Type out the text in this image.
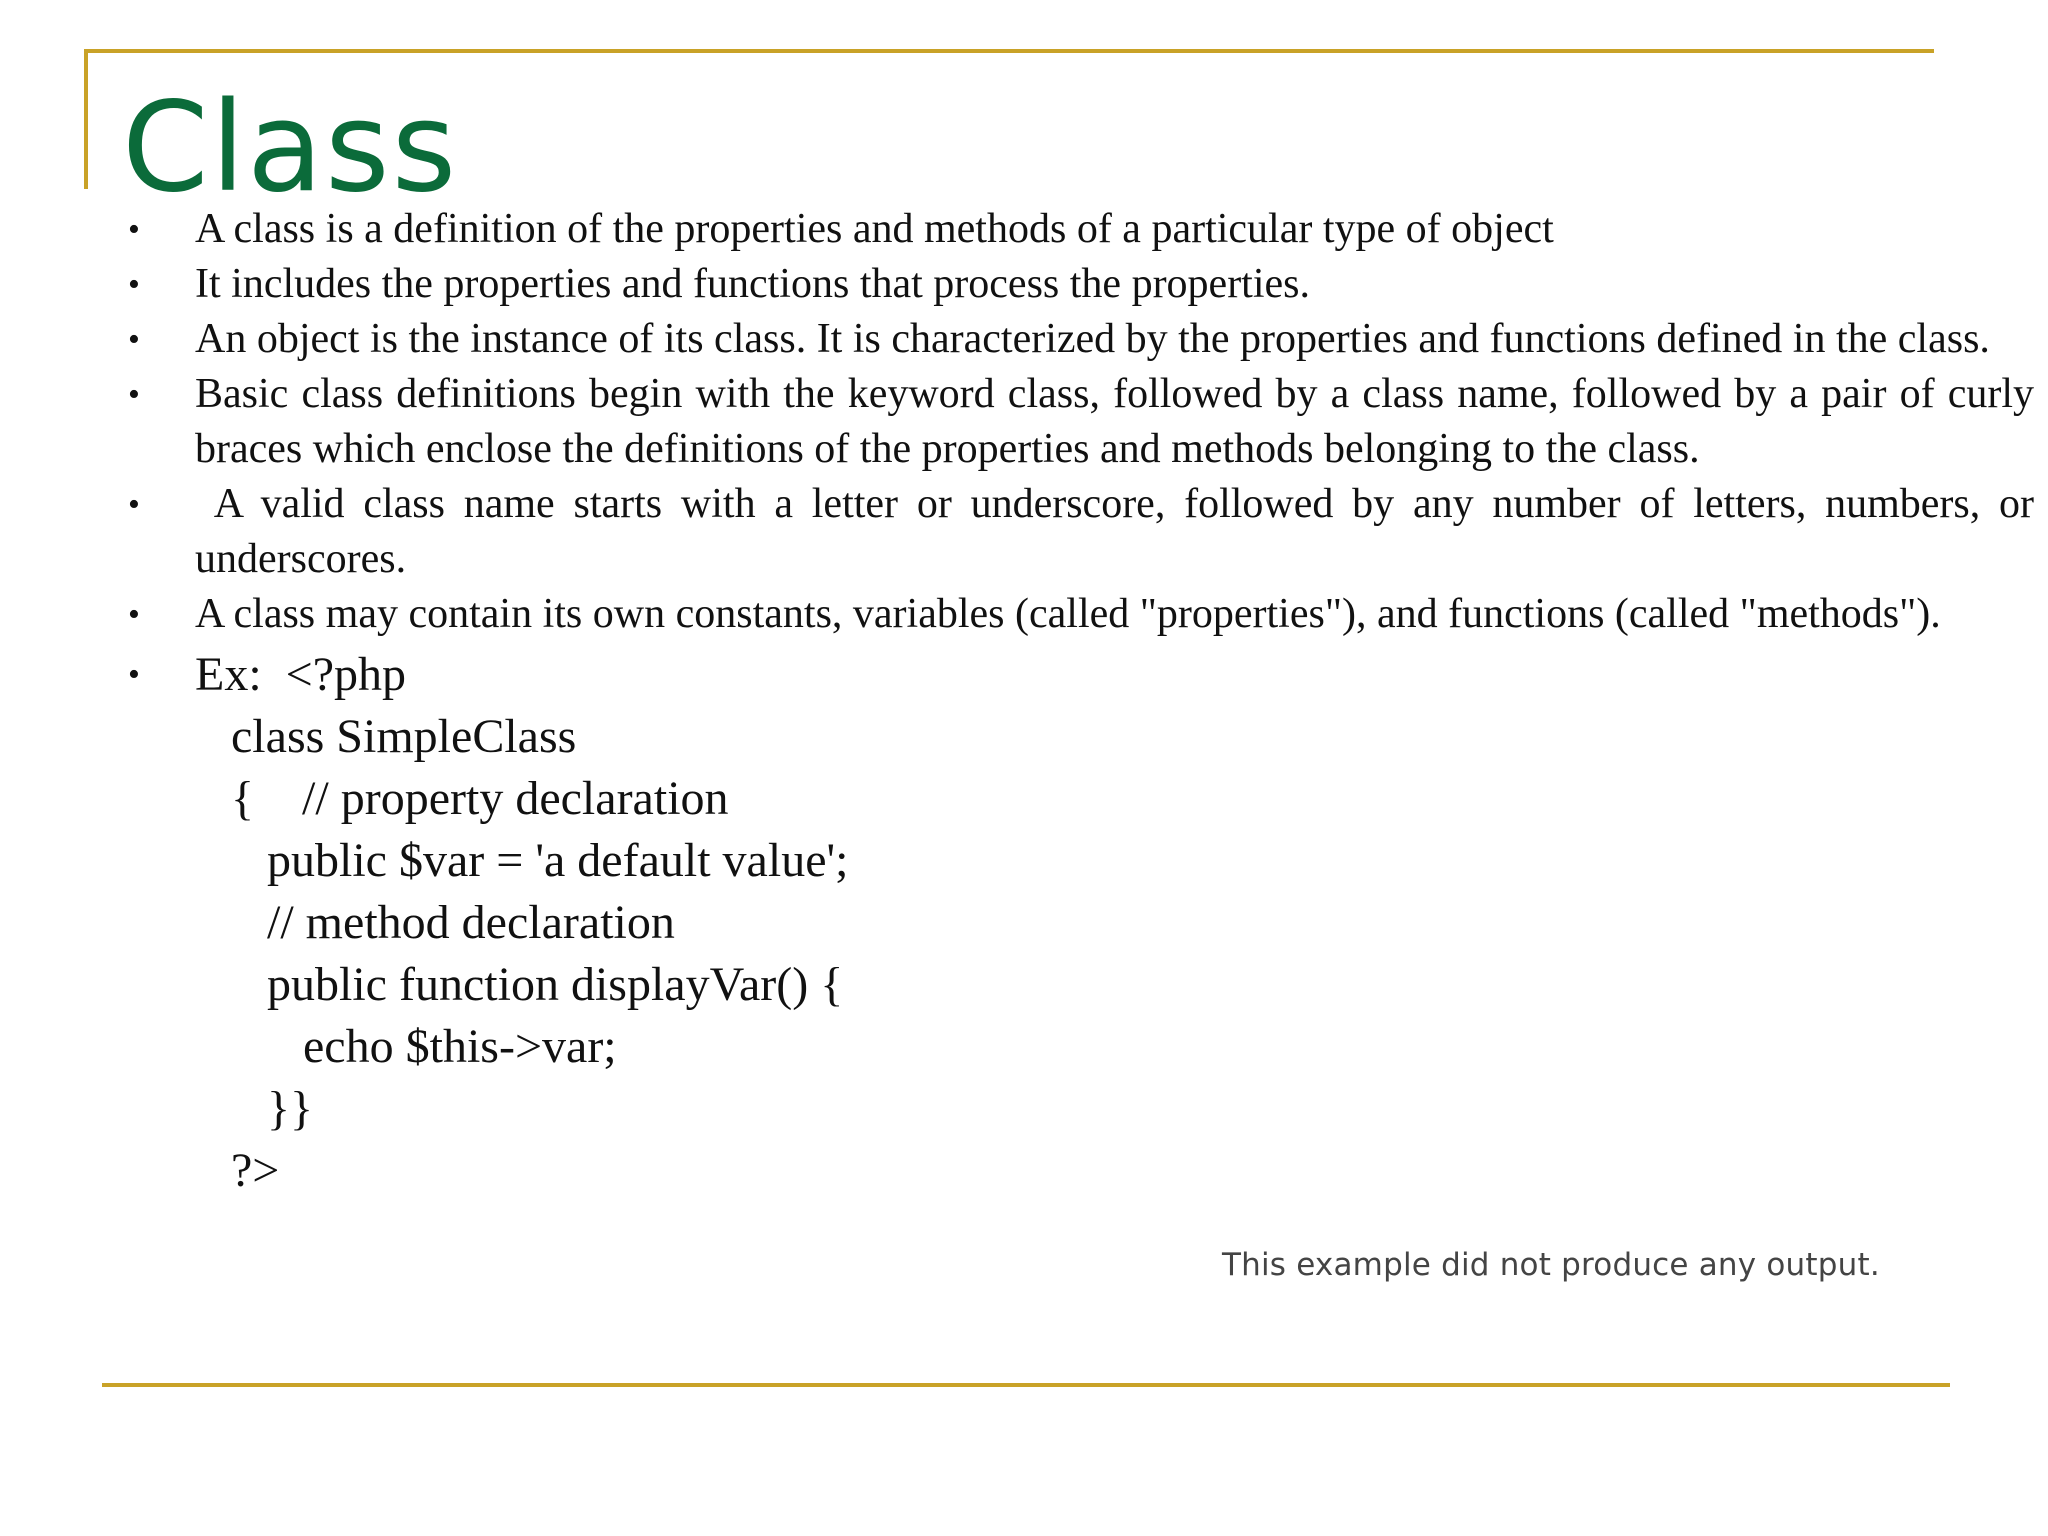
Class
• A class is a definition of the properties and methods of a particular type of object
• It includes the properties and functions that process the properties.
• An object is the instance of its class. It is characterized by the properties and functions defined in the class.
• Basic class definitions begin with the keyword class, followed by a class name, followed by a pair of curly braces which enclose the definitions of the properties and methods belonging to the class.
• A valid class name starts with a letter or underscore, followed by any number of letters, numbers, or underscores.
• A class may contain its own constants, variables (called "properties"), and functions (called "methods").
• Ex:  <?php
class SimpleClass
{    // property declaration
public $var = 'a default value';
// method declaration
public function displayVar() {
echo $this->var;
}}
?>
This example did not produce any output.
